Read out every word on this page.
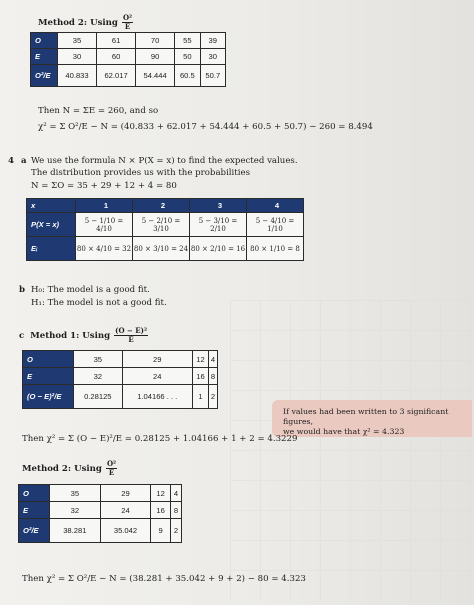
Method 2: Using $\frac{\text{O²}}{E}$
O	35	61	70	55	39
E	30	60	90	50	30
O²/E	40.833	62.017	54.444	60.5	50.7
Then N = ΣE = 260, and so
χ² = Σ O²/E − N = (40.833 + 62.017 + 54.444 + 60.5 + 50.7) − 260 = 8.494
4 a We use the formula N × P(X = x) to find the expected values.
The distribution provides us with the probabilities
N = ΣO = 35 + 29 + 12 + 4 = 80
x	1	2	3	4
P(X = x)	5 − 1/10 = 4/10	5 − 2/10 = 3/10	5 − 3/10 = 2/10	5 − 4/10 = 1/10
Eᵢ	80 × 4/10 = 32	80 × 3/10 = 24	80 × 2/10 = 16	80 × 1/10 = 8
b H₀: The model is a good fit.
H₁: The model is not a good fit.
c Method 1: Using $\frac{\text{(O − E)²}}{E}$
O	35	29	12	4
E	32	24	16	8
(O − E)²/E	0.28125	1.04166 . . .	1	2
If values had been written to 3 significant figures,
we would have that χ² = 4.323
Then χ² = Σ (O − E)²/E = 0.28125 + 1.04166 + 1 + 2 = 4.3229
Method 2: Using $\frac{\text{O²}}{E}$
O	35	29	12	4
E	32	24	16	8
O²/E	38.281	35.042	9	2
Then χ² = Σ O²/E − N = (38.281 + 35.042 + 9 + 2) − 80 = 4.323
